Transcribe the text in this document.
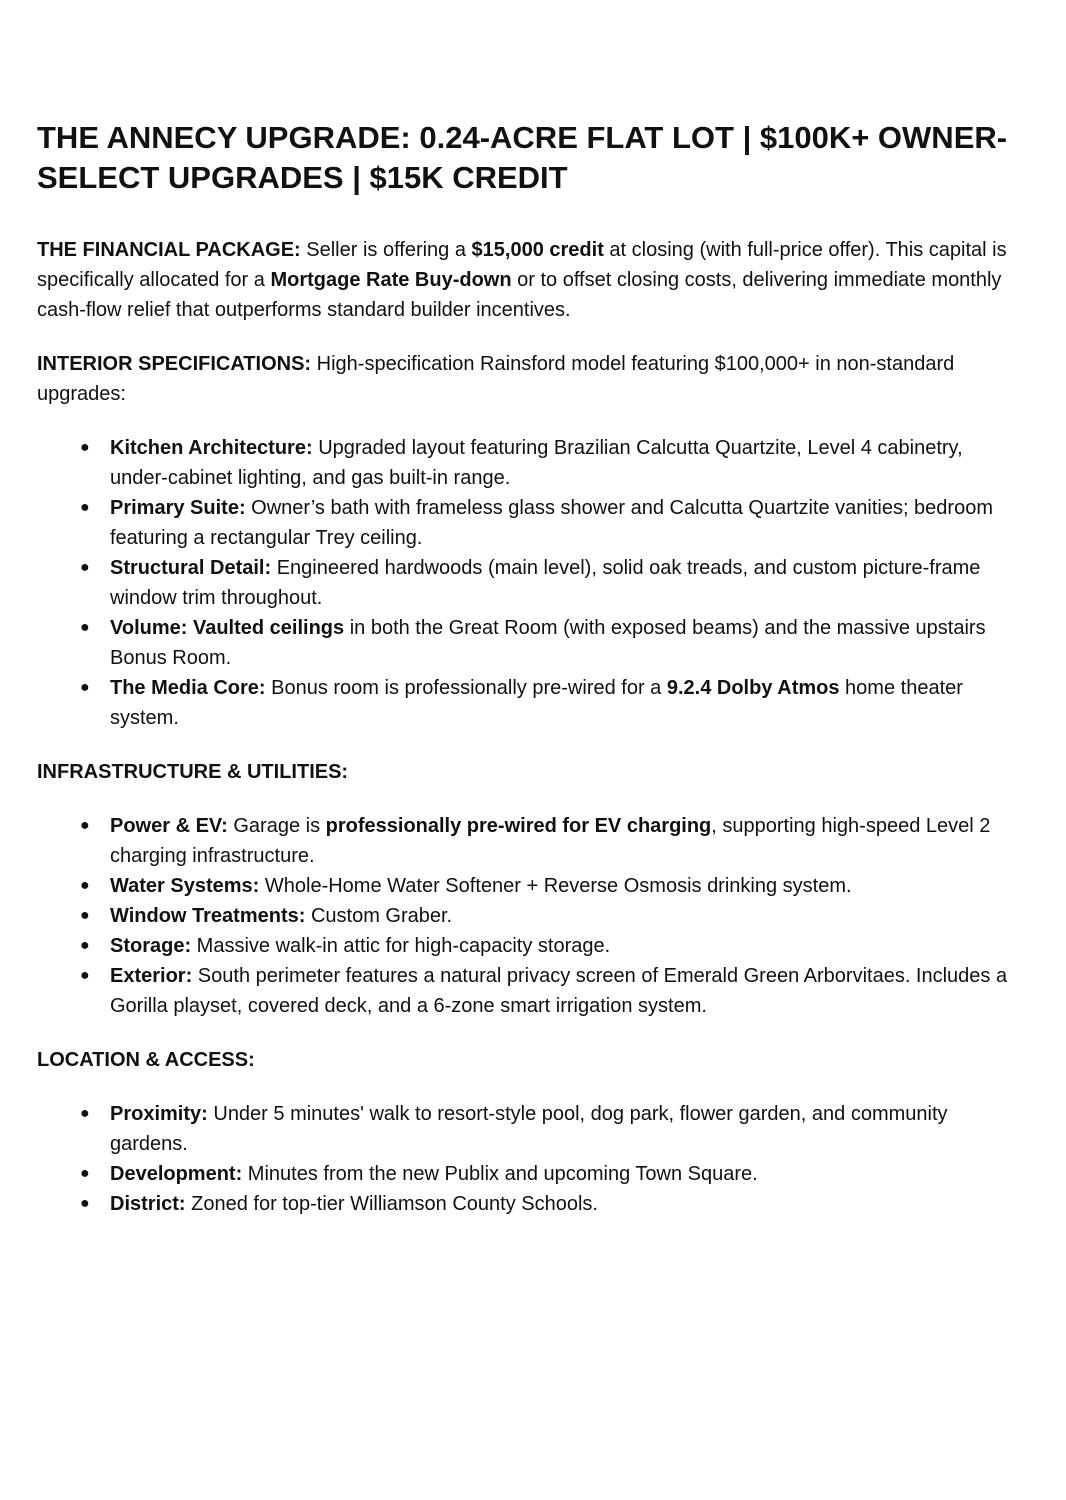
THE ANNECY UPGRADE: 0.24-ACRE FLAT LOT | $100K+ OWNER-SELECT UPGRADES | $15K CREDIT

THE FINANCIAL PACKAGE: Seller is offering a $15,000 credit at closing (with full-price offer). This capital is specifically allocated for a Mortgage Rate Buy-down or to offset closing costs, delivering immediate monthly cash-flow relief that outperforms standard builder incentives.

INTERIOR SPECIFICATIONS: High-specification Rainsford model featuring $100,000+ in non-standard upgrades:

● Kitchen Architecture: Upgraded layout featuring Brazilian Calcutta Quartzite, Level 4 cabinetry, under-cabinet lighting, and gas built-in range.
● Primary Suite: Owner’s bath with frameless glass shower and Calcutta Quartzite vanities; bedroom featuring a rectangular Trey ceiling.
● Structural Detail: Engineered hardwoods (main level), solid oak treads, and custom picture-frame window trim throughout.
● Volume: Vaulted ceilings in both the Great Room (with exposed beams) and the massive upstairs Bonus Room.
● The Media Core: Bonus room is professionally pre-wired for a 9.2.4 Dolby Atmos home theater system.

INFRASTRUCTURE & UTILITIES:

● Power & EV: Garage is professionally pre-wired for EV charging, supporting high-speed Level 2 charging infrastructure.
● Water Systems: Whole-Home Water Softener + Reverse Osmosis drinking system.
● Window Treatments: Custom Graber.
● Storage: Massive walk-in attic for high-capacity storage.
● Exterior: South perimeter features a natural privacy screen of Emerald Green Arborvitaes. Includes a Gorilla playset, covered deck, and a 6-zone smart irrigation system.

LOCATION & ACCESS:

● Proximity: Under 5 minutes' walk to resort-style pool, dog park, flower garden, and community gardens.
● Development: Minutes from the new Publix and upcoming Town Square.
● District: Zoned for top-tier Williamson County Schools.
